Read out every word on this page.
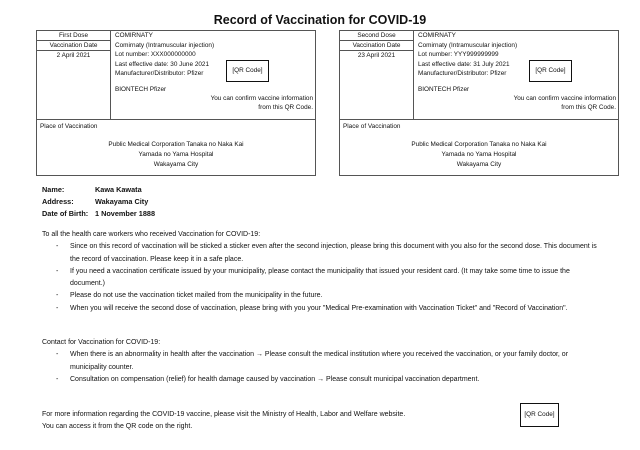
Record of Vaccination for COVID-19
First Dose
Vaccination Date
2 April 2021
COMIRNATY
Comirnaty (Intramuscular injection)
Lot number: XXX000000000
Last effective date: 30 June 2021
Manufacturer/Distributor: Pfizer	[QR Code]
BIONTECH Pfizer
You can confirm vaccine information from this QR Code.
Place of Vaccination
Public Medical Corporation Tanaka no Naka Kai
Yamada no Yama Hospital
Wakayama City
Second Dose
Vaccination Date
23 April 2021
COMIRNATY
Comirnaty (Intramuscular injection)
Lot number: YYY999999999
Last effective date: 31 July 2021
Manufacturer/Distributor: Pfizer	[QR Code]
BIONTECH Pfizer
You can confirm vaccine information from this QR Code.
Place of Vaccination
Public Medical Corporation Tanaka no Naka Kai
Yamada no Yama Hospital
Wakayama City
Name:	Kawa Kawata
Address:	Wakayama City
Date of Birth: 1 November 1888
To all the health care workers who received Vaccination for COVID-19:
- Since on this record of vaccination will be sticked a sticker even after the second injection, please bring this document with you also for the second dose. This document is the record of vaccination. Please keep it in a safe place.
- If you need a vaccination certificate issued by your municipality, please contact the municipality that issued your resident card. (It may take some time to issue the document.)
- Please do not use the vaccination ticket mailed from the municipality in the future.
- When you will receive the second dose of vaccination, please bring with you your "Medical Pre-examination with Vaccination Ticket" and "Record of Vaccination".
Contact for Vaccination for COVID-19:
- When there is an abnormality in health after the vaccination → Please consult the medical institution where you received the vaccination, or your family doctor, or municipality counter.
- Consultation on compensation (relief) for health damage caused by vaccination → Please consult municipal vaccination department.
For more information regarding the COVID-19 vaccine, please visit the Ministry of Health, Labor and Welfare website.
You can access it from the QR code on the right.
[QR Code]
